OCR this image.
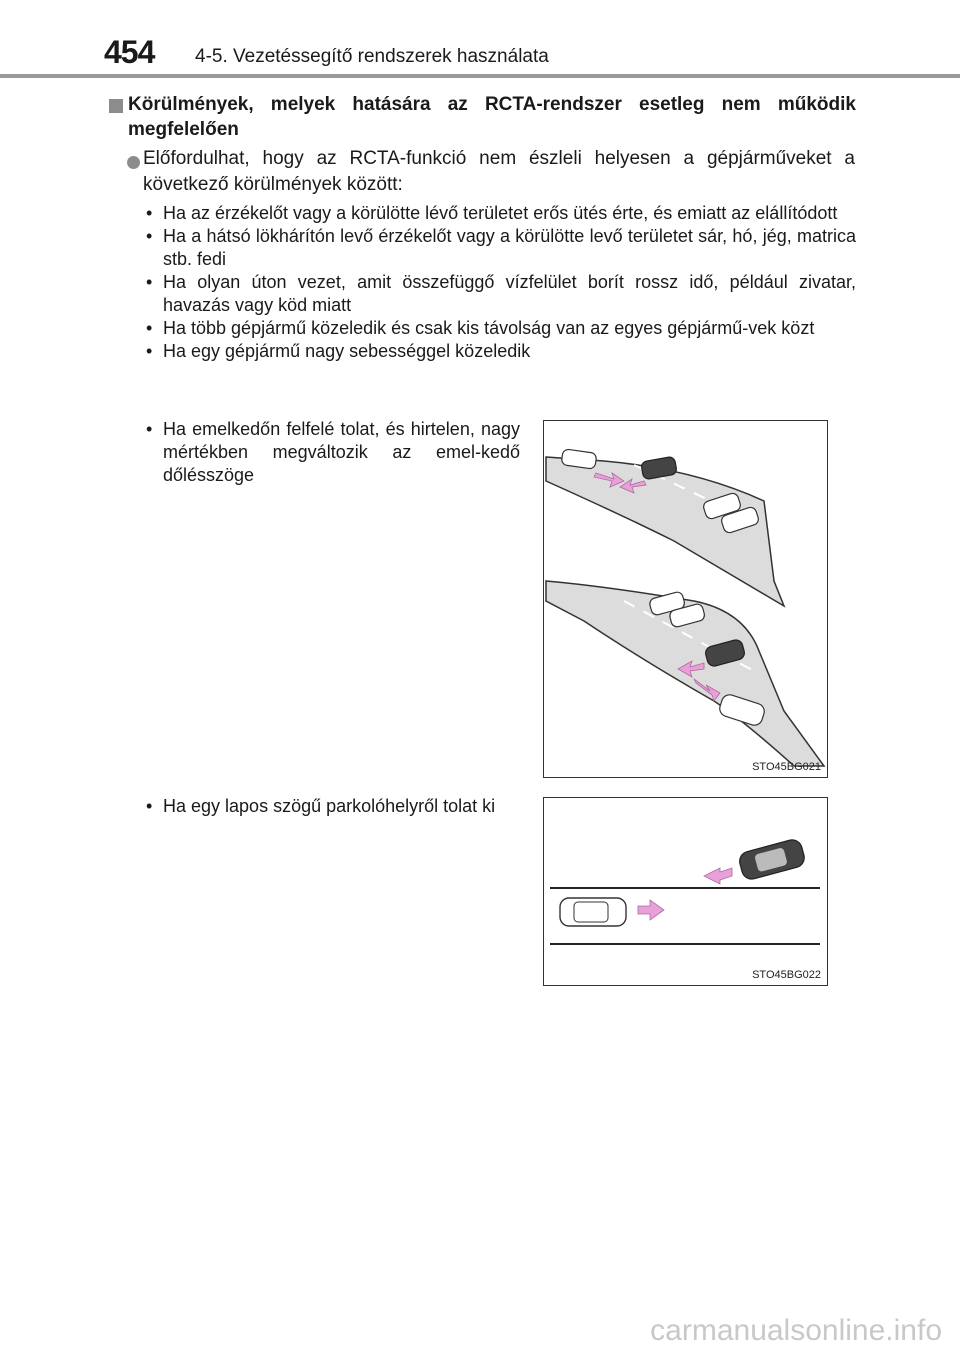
454 4-5. Vezetéssegítő rendszerek használata
Körülmények, melyek hatására az RCTA-rendszer esetleg nem működik megfelelően
Előfordulhat, hogy az RCTA-funkció nem észleli helyesen a gépjárműveket a következő körülmények között:
• Ha az érzékelőt vagy a körülötte lévő területet erős ütés érte, és emiatt az elállítódott
• Ha a hátsó lökhárítón levő érzékelőt vagy a körülötte levő területet sár, hó, jég, matrica stb. fedi
• Ha olyan úton vezet, amit összefüggő vízfelület borít rossz idő, például zivatar, havazás vagy köd miatt
• Ha több gépjármű közeledik és csak kis távolság van az egyes gépjármű-vek közt
• Ha egy gépjármű nagy sebességgel közeledik
• Ha emelkedőn felfelé tolat, és hirtelen, nagy mértékben megváltozik az emel-kedő dőlésszöge
STO45BG021
• Ha egy lapos szögű parkolóhelyről tolat ki
STO45BG022
carmanualsonline.info
